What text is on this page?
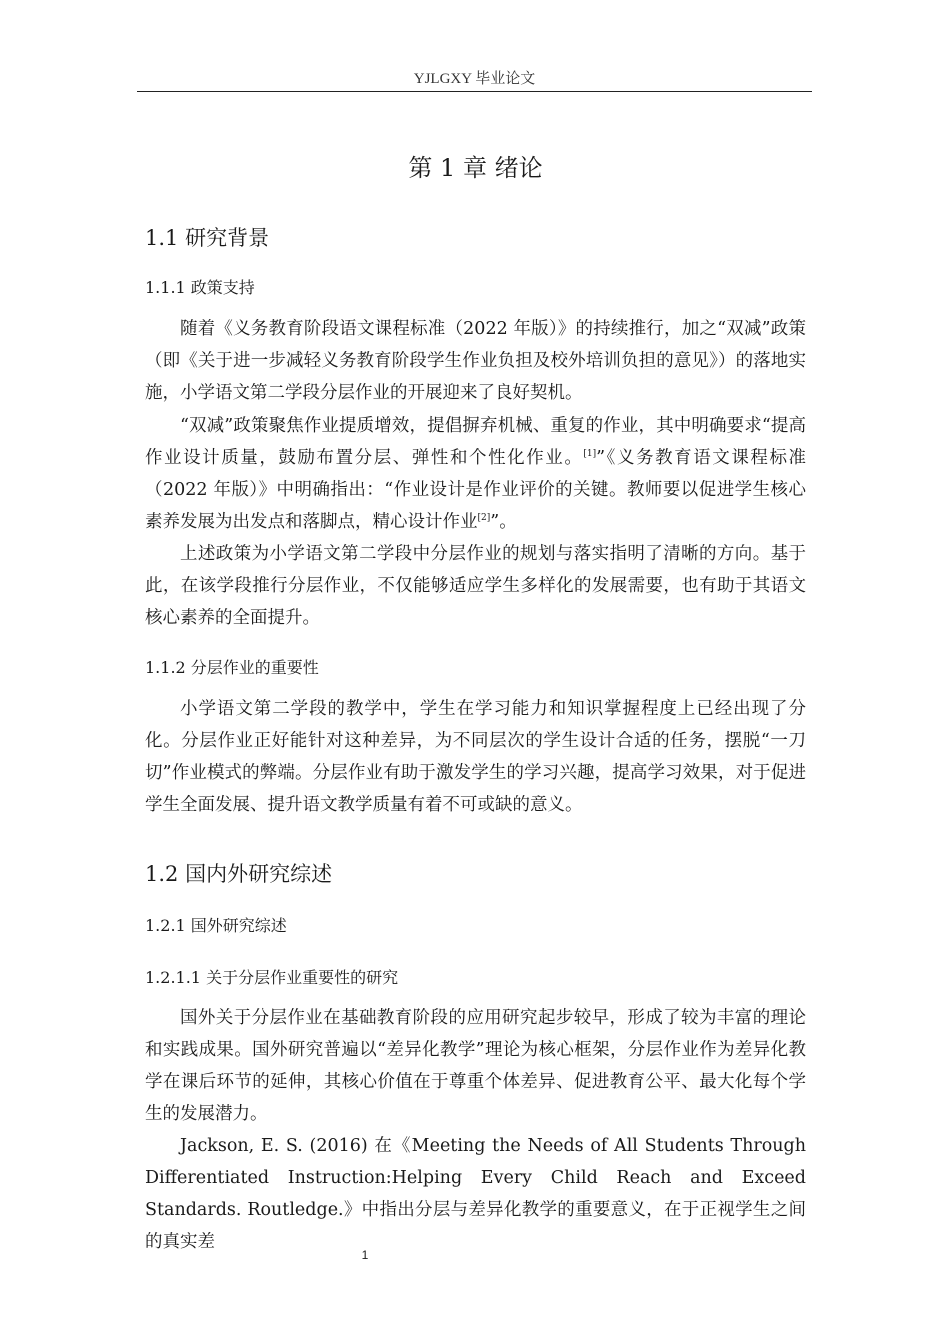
YJLGXY 毕业论文
第 1 章 绪论
1.1 研究背景
1.1.1 政策支持

随着《义务教育阶段语文课程标准（2022 年版）》的持续推行，加之“双减”政策（即《关于进一步减轻义务教育阶段学生作业负担及校外培训负担的意见》）的落地实施，小学语文第二学段分层作业的开展迎来了良好契机。

“双减”政策聚焦作业提质增效，提倡摒弃机械、重复的作业，其中明确要求“提高作业设计质量，鼓励布置分层、弹性和个性化作业。[1]”《义务教育语文课程标准（2022 年版）》中明确指出：“作业设计是作业评价的关键。教师要以促进学生核心素养发展为出发点和落脚点，精心设计作业[2]”。

上述政策为小学语文第二学段中分层作业的规划与落实指明了清晰的方向。基于此，在该学段推行分层作业，不仅能够适应学生多样化的发展需要，也有助于其语文核心素养的全面提升。

1.1.2 分层作业的重要性

小学语文第二学段的教学中，学生在学习能力和知识掌握程度上已经出现了分化。分层作业正好能针对这种差异，为不同层次的学生设计合适的任务，摆脱“一刀切”作业模式的弊端。分层作业有助于激发学生的学习兴趣，提高学习效果，对于促进学生全面发展、提升语文教学质量有着不可或缺的意义。

1.2 国内外研究综述
1.2.1 国外研究综述
1.2.1.1 关于分层作业重要性的研究

国外关于分层作业在基础教育阶段的应用研究起步较早，形成了较为丰富的理论和实践成果。国外研究普遍以“差异化教学”理论为核心框架，分层作业作为差异化教学在课后环节的延伸，其核心价值在于尊重个体差异、促进教育公平、最大化每个学生的发展潜力。

Jackson, E. S. (2016) 在《Meeting the Needs of All Students Through Differentiated Instruction:Helping Every Child Reach and Exceed Standards. Routledge.》中指出分层与差异化教学的重要意义，在于正视学生之间的真实差

1
